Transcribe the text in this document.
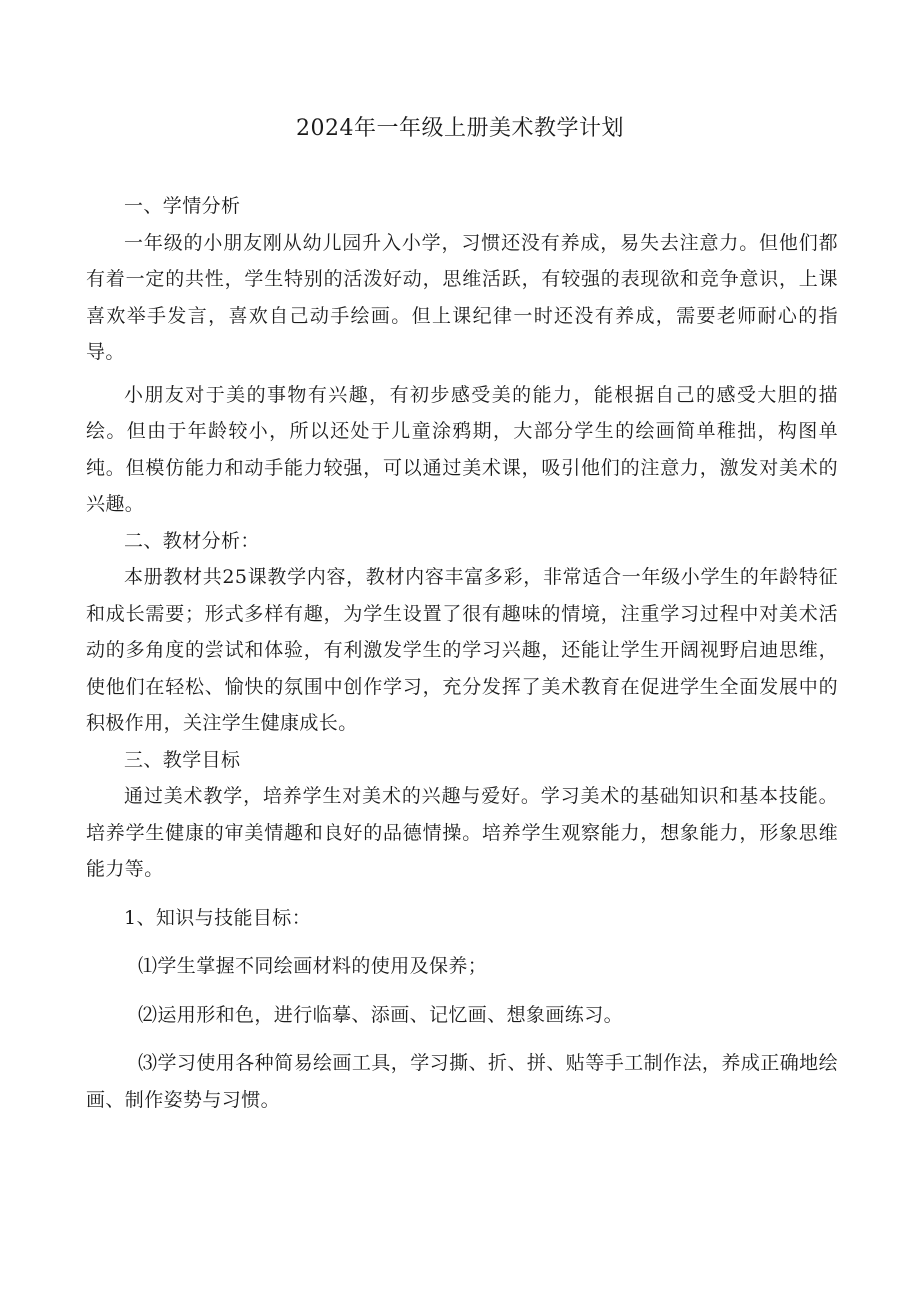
2024年一年级上册美术教学计划

一、学情分析

一年级的小朋友刚从幼儿园升入小学，习惯还没有养成，易失去注意力。但他们都有着一定的共性，学生特别的活泼好动，思维活跃，有较强的表现欲和竞争意识，上课喜欢举手发言，喜欢自己动手绘画。但上课纪律一时还没有养成，需要老师耐心的指导。

小朋友对于美的事物有兴趣，有初步感受美的能力，能根据自己的感受大胆的描绘。但由于年龄较小，所以还处于儿童涂鸦期，大部分学生的绘画简单稚拙，构图单纯。但模仿能力和动手能力较强，可以通过美术课，吸引他们的注意力，激发对美术的兴趣。

二、教材分析：

本册教材共25课教学内容，教材内容丰富多彩，非常适合一年级小学生的年龄特征和成长需要；形式多样有趣，为学生设置了很有趣味的情境，注重学习过程中对美术活动的多角度的尝试和体验，有利激发学生的学习兴趣，还能让学生开阔视野启迪思维，使他们在轻松、愉快的氛围中创作学习，充分发挥了美术教育在促进学生全面发展中的积极作用，关注学生健康成长。

三、教学目标

通过美术教学，培养学生对美术的兴趣与爱好。学习美术的基础知识和基本技能。培养学生健康的审美情趣和良好的品德情操。培养学生观察能力，想象能力，形象思维能力等。

1、知识与技能目标：

⑴学生掌握不同绘画材料的使用及保养；

⑵运用形和色，进行临摹、添画、记忆画、想象画练习。

⑶学习使用各种简易绘画工具，学习撕、折、拼、贴等手工制作法，养成正确地绘画、制作姿势与习惯。
